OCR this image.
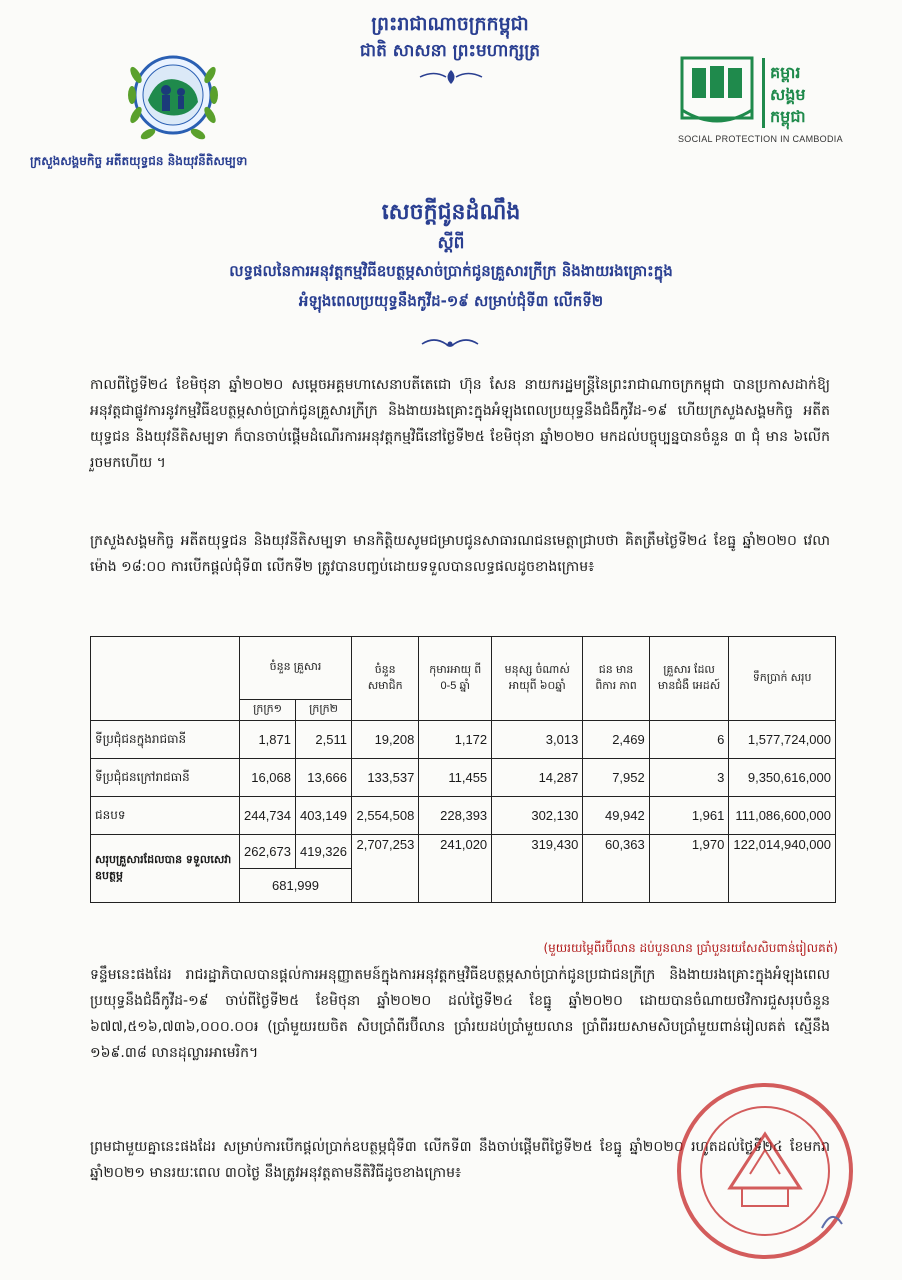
ព្រះរាជាណាចក្រកម្ពុជា
ជាតិ សាសនា ព្រះមហាក្សត្រ
ក្រសួងសង្គមកិច្ច អតីតយុទ្ធជន និងយុវនីតិសម្បទា
គម្ពារ
សង្គម
កម្ពុជា
SOCIAL PROTECTION IN CAMBODIA
សេចក្តីជូនដំណឹង
ស្តីពី
លទ្ធផលនៃការអនុវត្តកម្មវិធីឧបត្ថម្ភសាច់ប្រាក់ជូនគ្រួសារក្រីក្រ និងងាយរងគ្រោះក្នុង
អំឡុងពេលប្រយុទ្ធនឹងកូវីដ-១៩ សម្រាប់ជុំទី៣ លើកទី២
កាលពីថ្ងៃទី២៤ ខែមិថុនា ឆ្នាំ២០២០ សម្តេចអគ្គមហាសេនាបតីតេជោ ហ៊ុន សែន នាយករដ្ឋមន្ត្រីនៃព្រះរាជាណាចក្រកម្ពុជា បានប្រកាសដាក់ឱ្យអនុវត្តជាផ្លូវការនូវកម្មវិធីឧបត្ថម្ភសាច់ប្រាក់ជូនគ្រួសារក្រីក្រ និងងាយរងគ្រោះក្នុងអំឡុងពេលប្រយុទ្ធនឹងជំងឺកូវីដ-១៩ ហើយក្រសួងសង្គមកិច្ច អតីតយុទ្ធជន និងយុវនីតិសម្បទា ក៏បានចាប់ផ្តើមដំណើរការអនុវត្តកម្មវិធីនៅថ្ងៃទី២៥ ខែមិថុនា ឆ្នាំ២០២០ មកដល់បច្ចុប្បន្នបានចំនួន ៣ ជុំ មាន ៦លើក រួចមកហើយ ។
ក្រសួងសង្គមកិច្ច អតីតយុទ្ធជន និងយុវនីតិសម្បទា មានកិត្តិយសូមជម្រាបជូនសាធារណជនមេត្តាជ្រាបថា គិតត្រឹមថ្ងៃទី២៤ ខែធ្នូ ឆ្នាំ២០២០ វេលាម៉ោង ១៨:០០ ការបើកផ្តល់ជុំទី៣ លើកទី២ ត្រូវបានបញ្ចប់ដោយទទួលបានលទ្ធផលដូចខាងក្រោម៖
	ចំនួន គ្រួសារ		ចំនួន សមាជិក	កុមារអាយុ ពី 0-5 ឆ្នាំ	មនុស្ស ចំណាស់ អាយុពី ៦០ឆ្នាំ	ជន មាន ពិការ ភាព	គ្រួសារ ដែល មានជំងឺ អេដស៍	ទឹកប្រាក់ សរុប
	ក្រក្រ១	ក្រក្រ២						
ទីប្រជុំជនក្នុងរាជធានី	1,871	2,511	19,208	1,172	3,013	2,469	6	1,577,724,000
ទីប្រជុំជនក្រៅរាជធានី	16,068	13,666	133,537	11,455	14,287	7,952	3	9,350,616,000
ជនបទ	244,734	403,149	2,554,508	228,393	302,130	49,942	1,961	111,086,600,000
សរុបគ្រួសារដែលបាន ទទួលសេវាឧបត្ថម្ភ	262,673	419,326	2,707,253	241,020	319,430	60,363	1,970	122,014,940,000
	681,999							
(មួយរយម្ភៃពីរប៊ីលាន ដប់បួនលាន ប្រាំបួនរយសែសិបពាន់រៀលគត់)
ទន្ទឹមនេះផងដែរ រាជរដ្ឋាភិបាលបានផ្តល់ការអនុញ្ញាតមន៍ក្នុងការអនុវត្តកម្មវិធីឧបត្ថម្ភសាច់ប្រាក់ជូនប្រជាជនក្រីក្រ និងងាយរងគ្រោះក្នុងអំឡុងពេលប្រយុទ្ធនឹងជំងឺកូវីដ-១៩ ចាប់ពីថ្ងៃទី២៥ ខែមិថុនា ឆ្នាំ២០២០ ដល់ថ្ងៃទី២៤ ខែធ្នូ ឆ្នាំ២០២០ ដោយបានចំណាយថវិការជួសរុបចំនួន ៦៧៧,៥១៦,៧៣៦,០០០.០០៛ (ប្រាំមួយរយចិត សិបប្រាំពីរប៊ីលាន ប្រាំរយដប់ប្រាំមួយលាន ប្រាំពីររយសាមសិបប្រាំមួយពាន់រៀលគត់ ស្មើនឹង ១៦៩.៣៨ លានដុល្លារអាមេរិក។
ព្រមជាមួយគ្នានេះផងដែរ សម្រាប់ការបើកផ្តល់ប្រាក់ឧបត្ថម្ភជុំទី៣ លើកទី៣ នឹងចាប់ផ្តើមពីថ្ងៃទី២៥ ខែធ្នូ ឆ្នាំ២០២០ រហូតដល់ថ្ងៃទី២៤ ខែមករា ឆ្នាំ២០២១ មានរយៈពេល ៣០ថ្ងៃ នឹងត្រូវអនុវត្តតាមនីតិវិធីដូចខាងក្រោម៖
